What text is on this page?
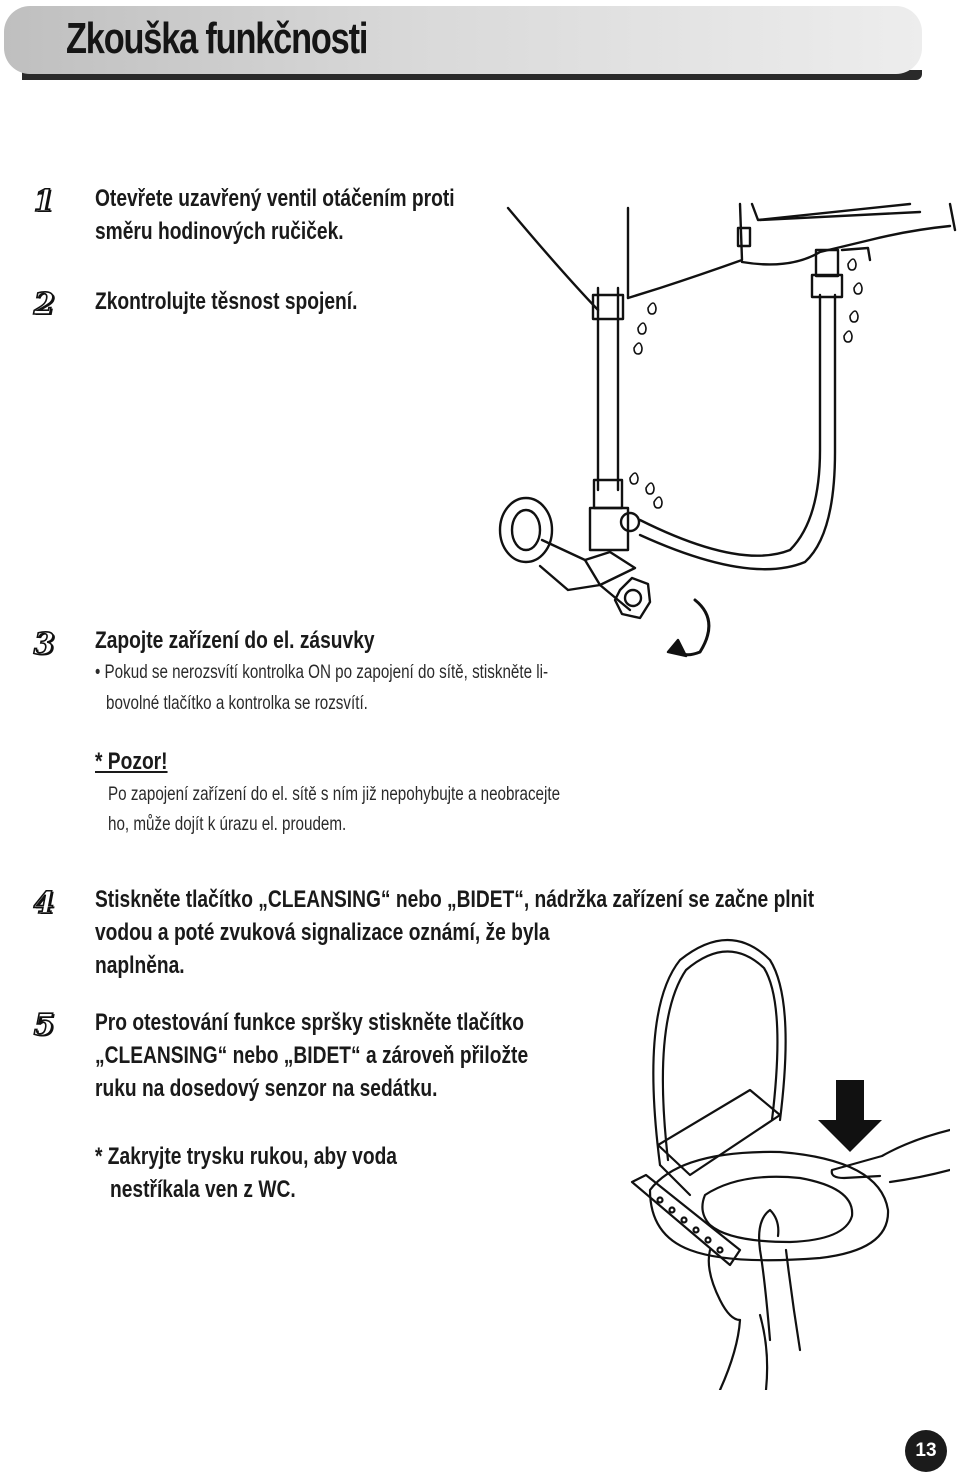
Zkouška funkčnosti
1 Otevřete uzavřený ventil otáčením proti
směru hodinových ručiček.
2 Zkontrolujte těsnost spojení.
3 Zapojte zařízení do el. zásuvky
• Pokud se nerozsvítí kontrolka ON po zapojení do sítě, stiskněte li-
bovolné tlačítko a kontrolka se rozsvítí.
* Pozor!
Po zapojení zařízení do el. sítě s ním již nepohybujte a neobracejte
ho, může dojít k úrazu el. proudem.
4 Stiskněte tlačítko „CLEANSING“ nebo „BIDET“, nádržka zařízení se začne plnit
vodou a poté zvuková signalizace oznámí, že byla
naplněna.
5 Pro otestování funkce spršky stiskněte tlačítko
„CLEANSING“ nebo „BIDET“ a zároveň přiložte
ruku na dosedový senzor na sedátku.
* Zakryjte trysku rukou, aby voda
nestříkala ven z WC.
13
